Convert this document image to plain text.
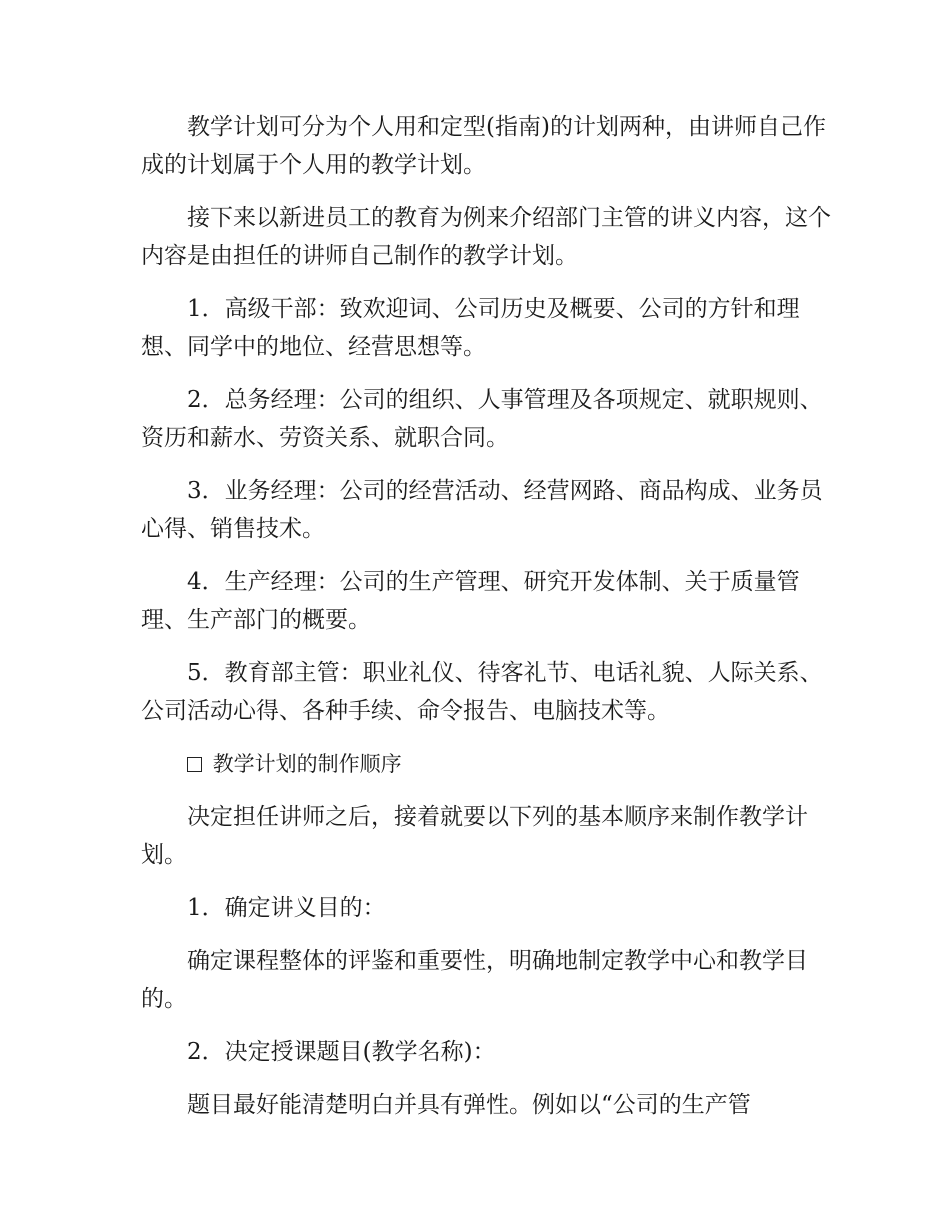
教学计划可分为个人用和定型(指南)的计划两种，由讲师自己作成的计划属于个人用的教学计划。

接下来以新进员工的教育为例来介绍部门主管的讲义内容，这个内容是由担任的讲师自己制作的教学计划。

1．高级干部：致欢迎词、公司历史及概要、公司的方针和理想、同学中的地位、经营思想等。

2．总务经理：公司的组织、人事管理及各项规定、就职规则、资历和薪水、劳资关系、就职合同。

3．业务经理：公司的经营活动、经营网路、商品构成、业务员心得、销售技术。

4．生产经理：公司的生产管理、研究开发体制、关于质量管理、生产部门的概要。

5．教育部主管：职业礼仪、待客礼节、电话礼貌、人际关系、公司活动心得、各种手续、命令报告、电脑技术等。

教学计划的制作顺序

决定担任讲师之后，接着就要以下列的基本顺序来制作教学计划。

1．确定讲义目的：

确定课程整体的评鉴和重要性，明确地制定教学中心和教学目的。

2．决定授课题目(教学名称)：

题目最好能清楚明白并具有弹性。例如以“公司的生产管
